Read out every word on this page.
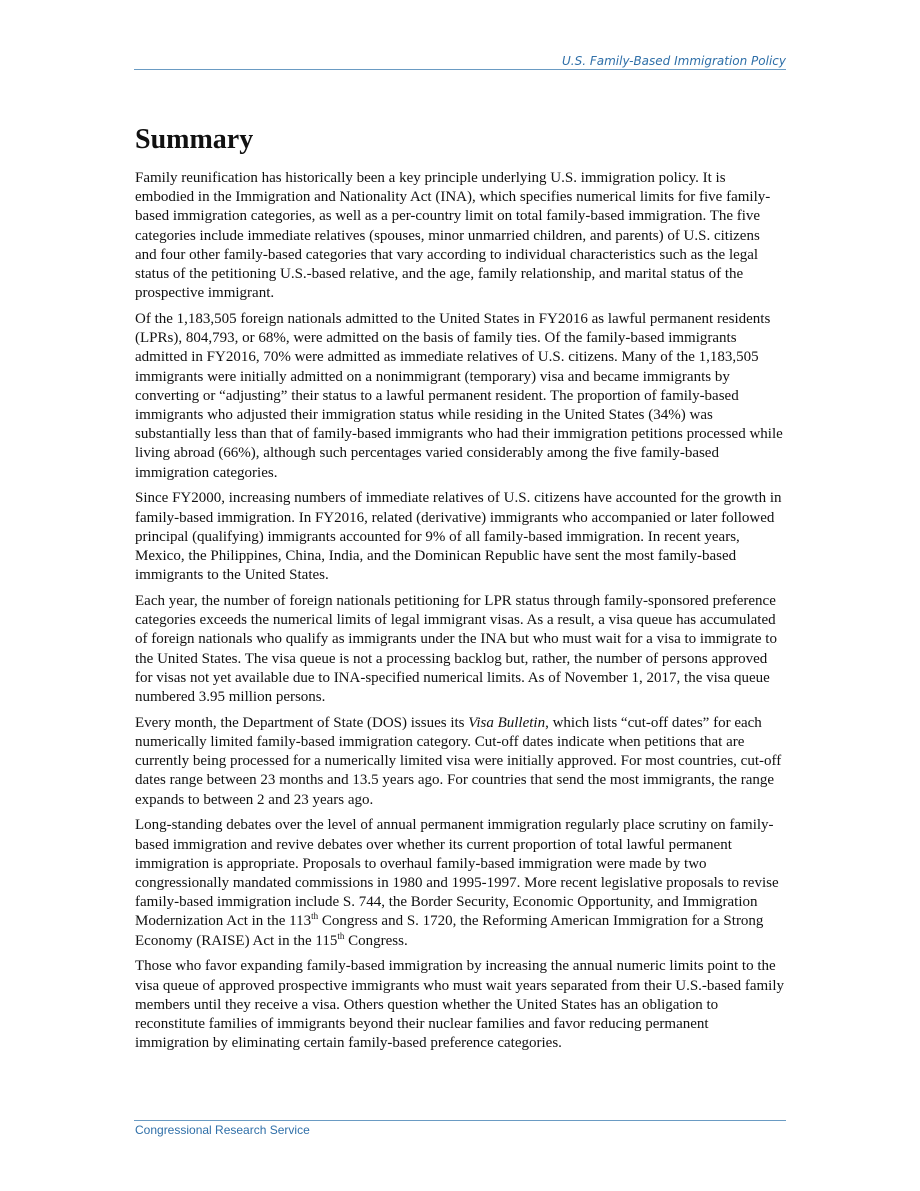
U.S. Family-Based Immigration Policy
Summary

Family reunification has historically been a key principle underlying U.S. immigration policy. It is embodied in the Immigration and Nationality Act (INA), which specifies numerical limits for five family-based immigration categories, as well as a per-country limit on total family-based immigration. The five categories include immediate relatives (spouses, minor unmarried children, and parents) of U.S. citizens and four other family-based categories that vary according to individual characteristics such as the legal status of the petitioning U.S.-based relative, and the age, family relationship, and marital status of the prospective immigrant.

Of the 1,183,505 foreign nationals admitted to the United States in FY2016 as lawful permanent residents (LPRs), 804,793, or 68%, were admitted on the basis of family ties. Of the family-based immigrants admitted in FY2016, 70% were admitted as immediate relatives of U.S. citizens. Many of the 1,183,505 immigrants were initially admitted on a nonimmigrant (temporary) visa and became immigrants by converting or “adjusting” their status to a lawful permanent resident. The proportion of family-based immigrants who adjusted their immigration status while residing in the United States (34%) was substantially less than that of family-based immigrants who had their immigration petitions processed while living abroad (66%), although such percentages varied considerably among the five family-based immigration categories.

Since FY2000, increasing numbers of immediate relatives of U.S. citizens have accounted for the growth in family-based immigration. In FY2016, related (derivative) immigrants who accompanied or later followed principal (qualifying) immigrants accounted for 9% of all family-based immigration. In recent years, Mexico, the Philippines, China, India, and the Dominican Republic have sent the most family-based immigrants to the United States.

Each year, the number of foreign nationals petitioning for LPR status through family-sponsored preference categories exceeds the numerical limits of legal immigrant visas. As a result, a visa queue has accumulated of foreign nationals who qualify as immigrants under the INA but who must wait for a visa to immigrate to the United States. The visa queue is not a processing backlog but, rather, the number of persons approved for visas not yet available due to INA-specified numerical limits. As of November 1, 2017, the visa queue numbered 3.95 million persons.

Every month, the Department of State (DOS) issues its Visa Bulletin, which lists “cut-off dates” for each numerically limited family-based immigration category. Cut-off dates indicate when petitions that are currently being processed for a numerically limited visa were initially approved. For most countries, cut-off dates range between 23 months and 13.5 years ago. For countries that send the most immigrants, the range expands to between 2 and 23 years ago.

Long-standing debates over the level of annual permanent immigration regularly place scrutiny on family-based immigration and revive debates over whether its current proportion of total lawful permanent immigration is appropriate. Proposals to overhaul family-based immigration were made by two congressionally mandated commissions in 1980 and 1995-1997. More recent legislative proposals to revise family-based immigration include S. 744, the Border Security, Economic Opportunity, and Immigration Modernization Act in the 113th Congress and S. 1720, the Reforming American Immigration for a Strong Economy (RAISE) Act in the 115th Congress.

Those who favor expanding family-based immigration by increasing the annual numeric limits point to the visa queue of approved prospective immigrants who must wait years separated from their U.S.-based family members until they receive a visa. Others question whether the United States has an obligation to reconstitute families of immigrants beyond their nuclear families and favor reducing permanent immigration by eliminating certain family-based preference categories.

Congressional Research Service
